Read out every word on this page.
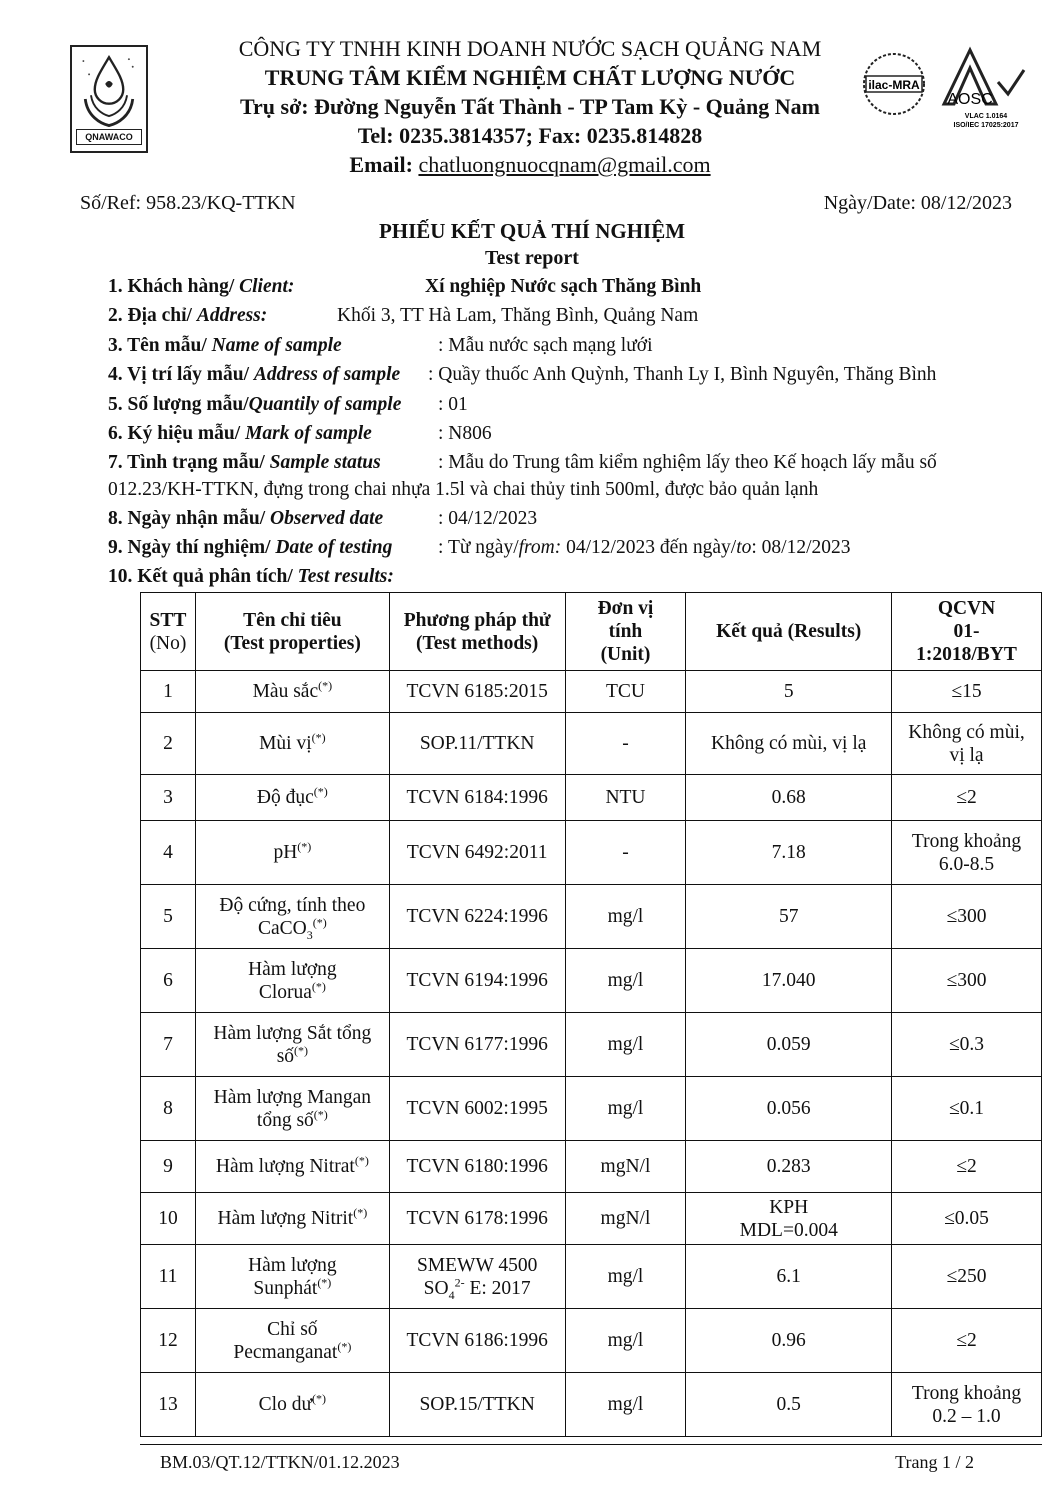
QNAWACO
CÔNG TY TNHH KINH DOANH NƯỚC SẠCH QUẢNG NAM
TRUNG TÂM KIỂM NGHIỆM CHẤT LƯỢNG NƯỚC
Trụ sở: Đường Nguyễn Tất Thành - TP Tam Kỳ - Quảng Nam
Tel: 0235.3814357; Fax: 0235.814828
Email: chatluongnuocqnam@gmail.com
ilac-MRA
AOSC
VLAC 1.0164
ISO/IEC 17025:2017
Số/Ref: 958.23/KQ-TTKN	Ngày/Date: 08/12/2023
PHIẾU KẾT QUẢ THÍ NGHIỆM
Test report
1. Khách hàng/ Client:	Xí nghiệp Nước sạch Thăng Bình
2. Địa chỉ/ Address:	Khối 3, TT Hà Lam, Thăng Bình, Quảng Nam
3. Tên mẫu/ Name of sample	: Mẫu nước sạch mạng lưới
4. Vị trí lấy mẫu/ Address of sample : Quầy thuốc Anh Quỳnh, Thanh Ly I, Bình Nguyên, Thăng Bình
5. Số lượng mẫu/Quantily of sample : 01
6. Ký hiệu mẫu/ Mark of sample	: N806
7. Tình trạng mẫu/ Sample status	: Mẫu do Trung tâm kiểm nghiệm lấy theo Kế hoạch lấy mẫu số
012.23/KH-TTKN, đựng trong chai nhựa 1.5l và chai thủy tinh 500ml, được bảo quản lạnh
8. Ngày nhận mẫu/ Observed date	: 04/12/2023
9. Ngày thí nghiệm/ Date of testing : Từ ngày/from: 04/12/2023 đến ngày/to: 08/12/2023
10. Kết quả phân tích/ Test results:
STT
(No)	Tên chỉ tiêu
(Test properties)	Phương pháp thử
(Test methods)	Đơn vị
tính
(Unit)	Kết quả (Results)	QCVN
01-
1:2018/BYT
1	Màu sắc(*)	TCVN 6185:2015	TCU	5	≤15
2	Mùi vị(*)	SOP.11/TTKN	-	Không có mùi, vị lạ	Không có mùi,
vị lạ
3	Độ đục(*)	TCVN 6184:1996	NTU	0.68	≤2
4	pH(*)	TCVN 6492:2011	-	7.18	Trong khoảng
6.0-8.5
5	Độ cứng, tính theo
CaCO$_3$(*)	TCVN 6224:1996	mg/l	57	≤300
6	Hàm lượng
Clorua(*)	TCVN 6194:1996	mg/l	17.040	≤300
7	Hàm lượng Sắt tổng
số(*)	TCVN 6177:1996	mg/l	0.059	≤0.3
8	Hàm lượng Mangan
tổng số(*)	TCVN 6002:1995	mg/l	0.056	≤0.1
9	Hàm lượng Nitrat(*)	TCVN 6180:1996	mgN/l	0.283	≤2
10	Hàm lượng Nitrit(*)	TCVN 6178:1996	mgN/l	KPH
MDL=0.004	≤0.05
11	Hàm lượng
Sunphát(*)	SMEWW 4500
$SO_4^{2-}$ E: 2017	mg/l	6.1	≤250
12	Chỉ số
Pecmanganat(*)	TCVN 6186:1996	mg/l	0.96	≤2
13	Clo dư(*)	SOP.15/TTKN	mg/l	0.5	Trong khoảng
0.2 – 1.0
BM.03/QT.12/TTKN/01.12.2023	Trang 1 / 2
